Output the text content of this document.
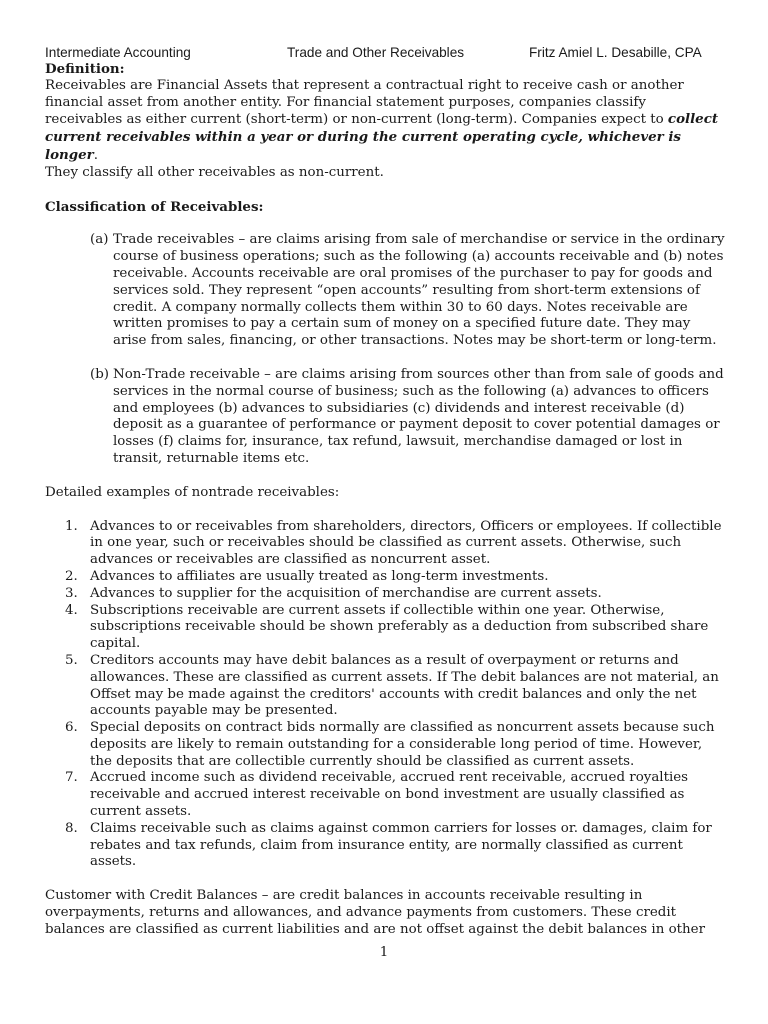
Intermediate Accounting	Trade and Other Receivables	Fritz Amiel L. Desabille, CPA

Definition:

Receivables are Financial Assets that represent a contractual right to receive cash or another financial asset from another entity. For financial statement purposes, companies classify receivables as either current (short-term) or non-current (long-term). Companies expect to collect current receivables within a year or during the current operating cycle, whichever is longer.

They classify all other receivables as non-current.

Classification of Receivables:

(a) Trade receivables – are claims arising from sale of merchandise or service in the ordinary course of business operations; such as the following (a) accounts receivable and (b) notes receivable. Accounts receivable are oral promises of the purchaser to pay for goods and services sold. They represent “open accounts” resulting from short-term extensions of credit. A company normally collects them within 30 to 60 days. Notes receivable are written promises to pay a certain sum of money on a specified future date. They may arise from sales, financing, or other transactions. Notes may be short-term or long-term.
(b) Non-Trade receivable – are claims arising from sources other than from sale of goods and services in the normal course of business; such as the following (a) advances to officers and employees (b) advances to subsidiaries (c) dividends and interest receivable (d) deposit as a guarantee of performance or payment deposit to cover potential damages or losses (f) claims for, insurance, tax refund, lawsuit, merchandise damaged or lost in transit, returnable items etc.

Detailed examples of nontrade receivables:

1. Advances to or receivables from shareholders, directors, Officers or employees. If collectible in one year, such or receivables should be classified as current assets. Otherwise, such advances or receivables are classified as noncurrent asset.
2. Advances to affiliates are usually treated as long-term investments.
3. Advances to supplier for the acquisition of merchandise are current assets.
4. Subscriptions receivable are current assets if collectible within one year. Otherwise, subscriptions receivable should be shown preferably as a deduction from subscribed share capital.
5. Creditors accounts may have debit balances as a result of overpayment or returns and allowances. These are classified as current assets. If The debit balances are not material, an Offset may be made against the creditors' accounts with credit balances and only the net accounts payable may be presented.
6. Special deposits on contract bids normally are classified as noncurrent assets because such deposits are likely to remain outstanding for a considerable long period of time. However, the deposits that are collectible currently should be classified as current assets.
7. Accrued income such as dividend receivable, accrued rent receivable, accrued royalties receivable and accrued interest receivable on bond investment are usually classified as current assets.
8. Claims receivable such as claims against common carriers for losses or. damages, claim for rebates and tax refunds, claim from insurance entity, are normally classified as current assets.

Customer with Credit Balances – are credit balances in accounts receivable resulting in overpayments, returns and allowances, and advance payments from customers. These credit balances are classified as current liabilities and are not offset against the debit balances in other

1
